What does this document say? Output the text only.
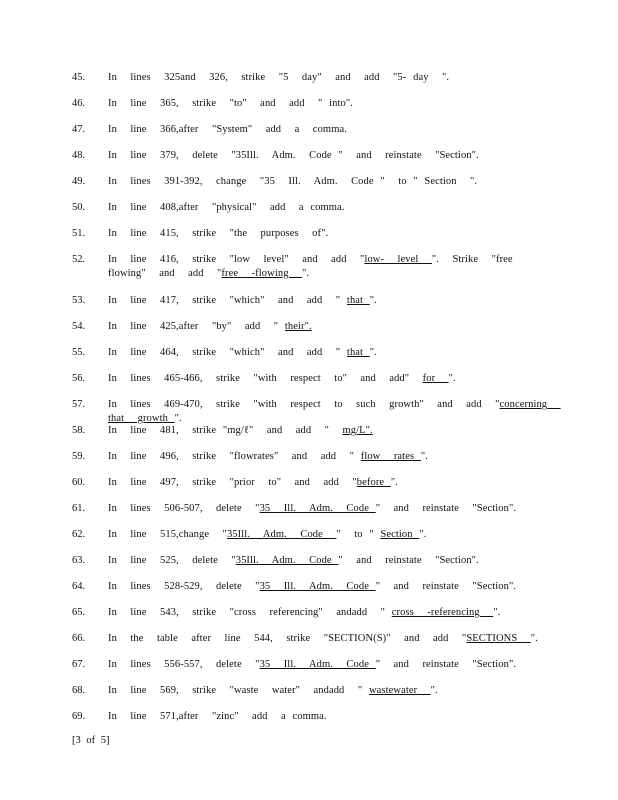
45.	In  lines  325and  326,  strike  "5  day"  and  add  "5- day  ".
46.	In  line  365,  strike  "to"  and  add  " into".
47.	In  line  366,after  "System"  add  a  comma.
48.	In  line  379,  delete  "35Ill.  Adm.  Code "  and  reinstate  "Section".
49.	In  lines  391-392,  change  "35  Ill.  Adm.  Code "  to " Section  ".
50.	In  line  408,after  "physical"  add  a comma.
51.	In  line  415,  strike  "the  purposes  of".
52.	In  line  416,  strike  "low  level"  and  add  "low-  level  ".  Strike  "free  flowing"  and  add  "free  -flowing  ".
53.	In  line  417,  strike  "which"  and  add  " that ".
54.	In  line  425,after  "by"  add  " their".
55.	In  line  464,  strike  "which"  and  add  " that ".
56.	In  lines  465-466,  strike  "with  respect  to"  and  add"  for  ".
57.	In  lines  469-470,  strike  "with  respect  to  such  growth"  and  add  "concerning  that  growth ".
58.	In  line  481,  strike "mg/ℓ"  and  add  "  mg/L".
59.	In  line  496,  strike  "flowrates"  and  add  " flow  rates ".
60.	In  line  497,  strike  "prior  to"  and  add  "before ".
61.	In  lines  506-507,  delete  "35  Ill.  Adm.  Code "  and  reinstate  "Section".
62.	In  line  515,change  "35Ill.  Adm.  Code  "  to " Section ".
63.	In  line  525,  delete  "35Ill.  Adm.  Code "  and  reinstate  "Section".
64.	In  lines  528-529,  delete  "35  Ill.  Adm.  Code "  and  reinstate  "Section".
65.	In  line  543,  strike  "cross  referencing"  andadd  " cross  -referencing  ".
66.	In  the  table  after  line  544,  strike  "SECTION(S)"  and  add  "SECTIONS  ".
67.	In  lines  556-557,  delete  "35  Ill.  Adm.  Code "  and  reinstate  "Section".
68.	In  line  569,  strike  "waste  water"  andadd  " wastewater  ".
69.	In  line  571,after  "zinc"  add  a comma.
[3 of 5]
